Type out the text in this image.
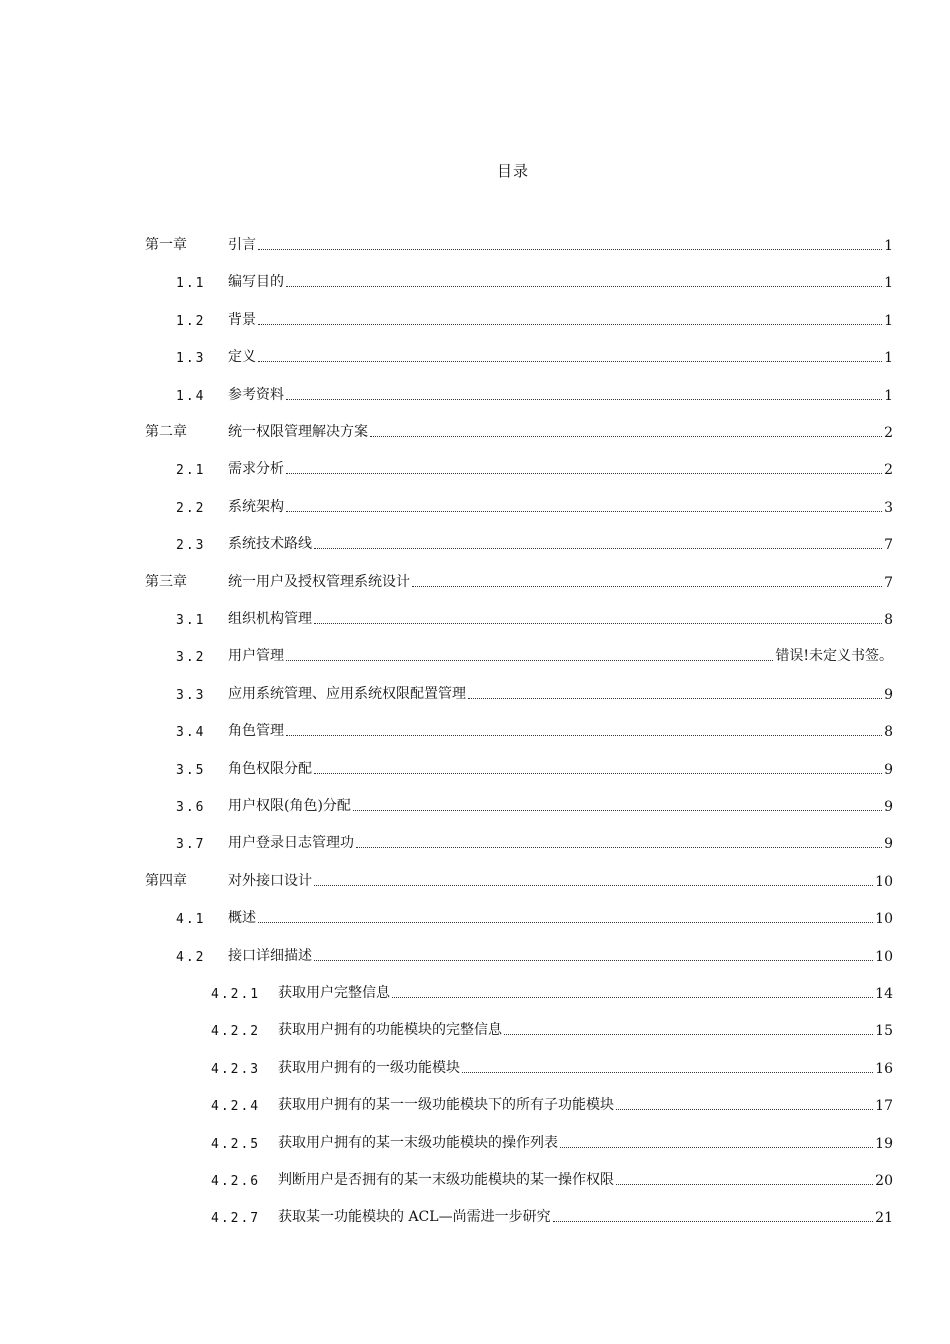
目录
第一章	引言	1
1.1 编写目的	1
1.2 背景	1
1.3 定义	1
1.4 参考资料	1
第二章	统一权限管理解决方案	2
2.1 需求分析	2
2.2 系统架构	3
2.3 系统技术路线	7
第三章	统一用户及授权管理系统设计	7
3.1 组织机构管理	8
3.2 用户管理	错误!未定义书签。
3.3 应用系统管理、应用系统权限配置管理	9
3.4 角色管理	8
3.5 角色权限分配	9
3.6 用户权限(角色)分配	9
3.7 用户登录日志管理功	9
第四章	对外接口设计	10
4.1 概述	10
4.2 接口详细描述	10
4.2.1 获取用户完整信息	14
4.2.2 获取用户拥有的功能模块的完整信息	15
4.2.3 获取用户拥有的一级功能模块	16
4.2.4 获取用户拥有的某一一级功能模块下的所有子功能模块	17
4.2.5 获取用户拥有的某一末级功能模块的操作列表	19
4.2.6 判断用户是否拥有的某一末级功能模块的某一操作权限	20
4.2.7 获取某一功能模块的 ACL—尚需进一步研究	21
